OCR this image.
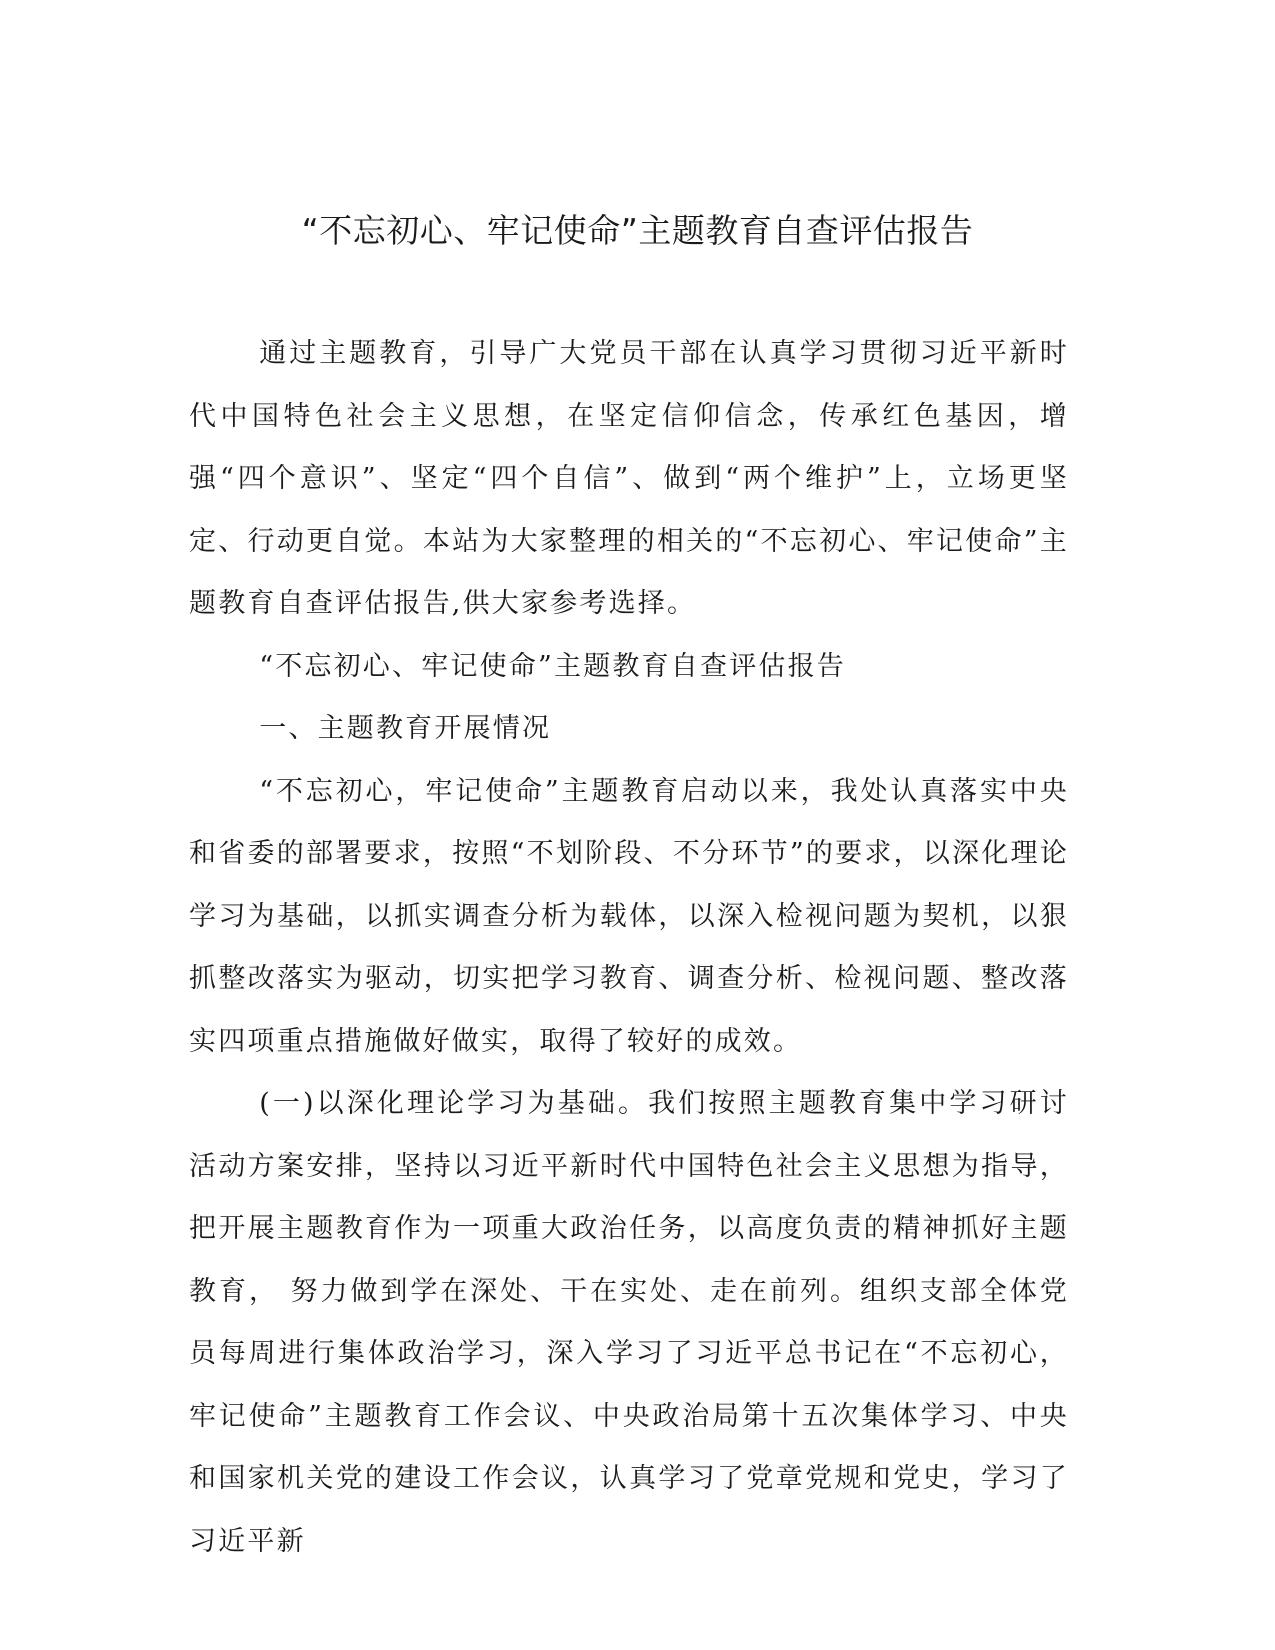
“不忘初心、牢记使命”主题教育自查评估报告

通过主题教育，引导广大党员干部在认真学习贯彻习近平新时代中国特色社会主义思想，在坚定信仰信念，传承红色基因，增强“四个意识”、坚定“四个自信”、做到“两个维护”上，立场更坚定、行动更自觉。本站为大家整理的相关的“不忘初心、牢记使命”主题教育自查评估报告,供大家参考选择。

“不忘初心、牢记使命”主题教育自查评估报告

一、主题教育开展情况

“不忘初心，牢记使命”主题教育启动以来，我处认真落实中央和省委的部署要求，按照“不划阶段、不分环节”的要求，以深化理论学习为基础，以抓实调查分析为载体，以深入检视问题为契机，以狠抓整改落实为驱动，切实把学习教育、调查分析、检视问题、整改落实四项重点措施做好做实，取得了较好的成效。

(一)以深化理论学习为基础。我们按照主题教育集中学习研讨活动方案安排，坚持以习近平新时代中国特色社会主义思想为指导，把开展主题教育作为一项重大政治任务，以高度负责的精神抓好主题教育， 努力做到学在深处、干在实处、走在前列。组织支部全体党员每周进行集体政治学习，深入学习了习近平总书记在“不忘初心，牢记使命”主题教育工作会议、中央政治局第十五次集体学习、中央和国家机关党的建设工作会议，认真学习了党章党规和党史，学习了习近平新
